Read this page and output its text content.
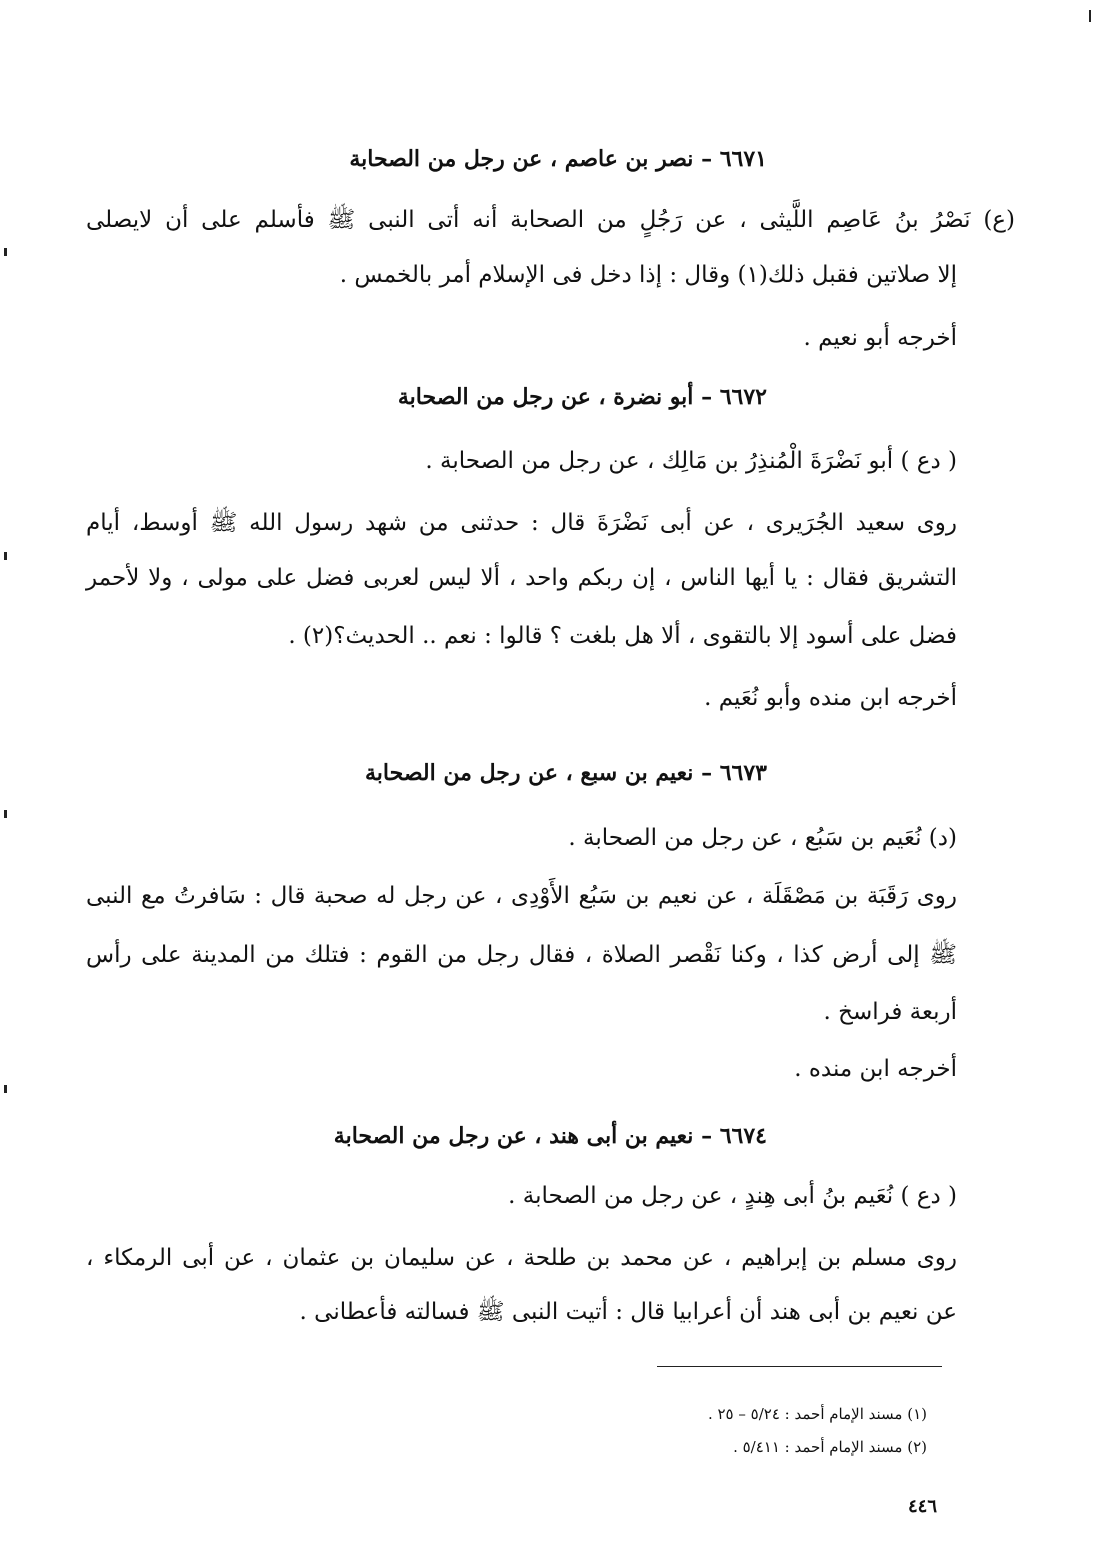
٦٦٧١ – نصر بن عاصم ، عن رجل من الصحابة
(ع) نَصْرُ بنُ عَاصِم اللَّيثى ، عن رَجُلٍ من الصحابة أنه أتى النبى ﷺ فأسلم على أن لايصلى
إلا صلاتين فقبل ذلك(١) وقال : إذا دخل فى الإسلام أمر بالخمس .
أخرجه أبو نعيم .
٦٦٧٢ – أبو نضرة ، عن رجل من الصحابة
( دع ) أبو نَضْرَةَ الْمُنذِرُ بن مَالِك ، عن رجل من الصحابة .
روى سعيد الجُرَيرى ، عن أبى نَضْرَةَ قال : حدثنى من شهد رسول الله ﷺ أوسط، أيام
التشريق فقال : يا أيها الناس ، إن ربكم واحد ، ألا ليس لعربى فضل على مولى ، ولا لأحمر
فضل على أسود إلا بالتقوى ، ألا هل بلغت ؟ قالوا : نعم .. الحديث؟(٢) .
أخرجه ابن منده وأبو نُعَيم .
٦٦٧٣ – نعيم بن سبع ، عن رجل من الصحابة
(د) نُعَيم بن سَبُع ، عن رجل من الصحابة .
روى رَقَبَة بن مَصْقَلَة ، عن نعيم بن سَبُع الأَوْدِى ، عن رجل له صحبة قال : سَافرتُ مع النبى
ﷺ إلى أرض كذا ، وكنا نَقْصر الصلاة ، فقال رجل من القوم : فتلك من المدينة على رأس
أربعة فراسخ .
أخرجه ابن منده .
٦٦٧٤ – نعيم بن أبى هند ، عن رجل من الصحابة
( دع ) نُعَيم بنُ أبى هِندٍ ، عن رجل من الصحابة .
روى مسلم بن إبراهيم ، عن محمد بن طلحة ، عن سليمان بن عثمان ، عن أبى الرمكاء ،
عن نعيم بن أبى هند أن أعرابيا قال : أتيت النبى ﷺ فسالته فأعطانى .
(١) مسند الإمام أحمد : ٥/٢٤ – ٢٥ .
(٢) مسند الإمام أحمد : ٥/٤١١ .
٤٤٦
